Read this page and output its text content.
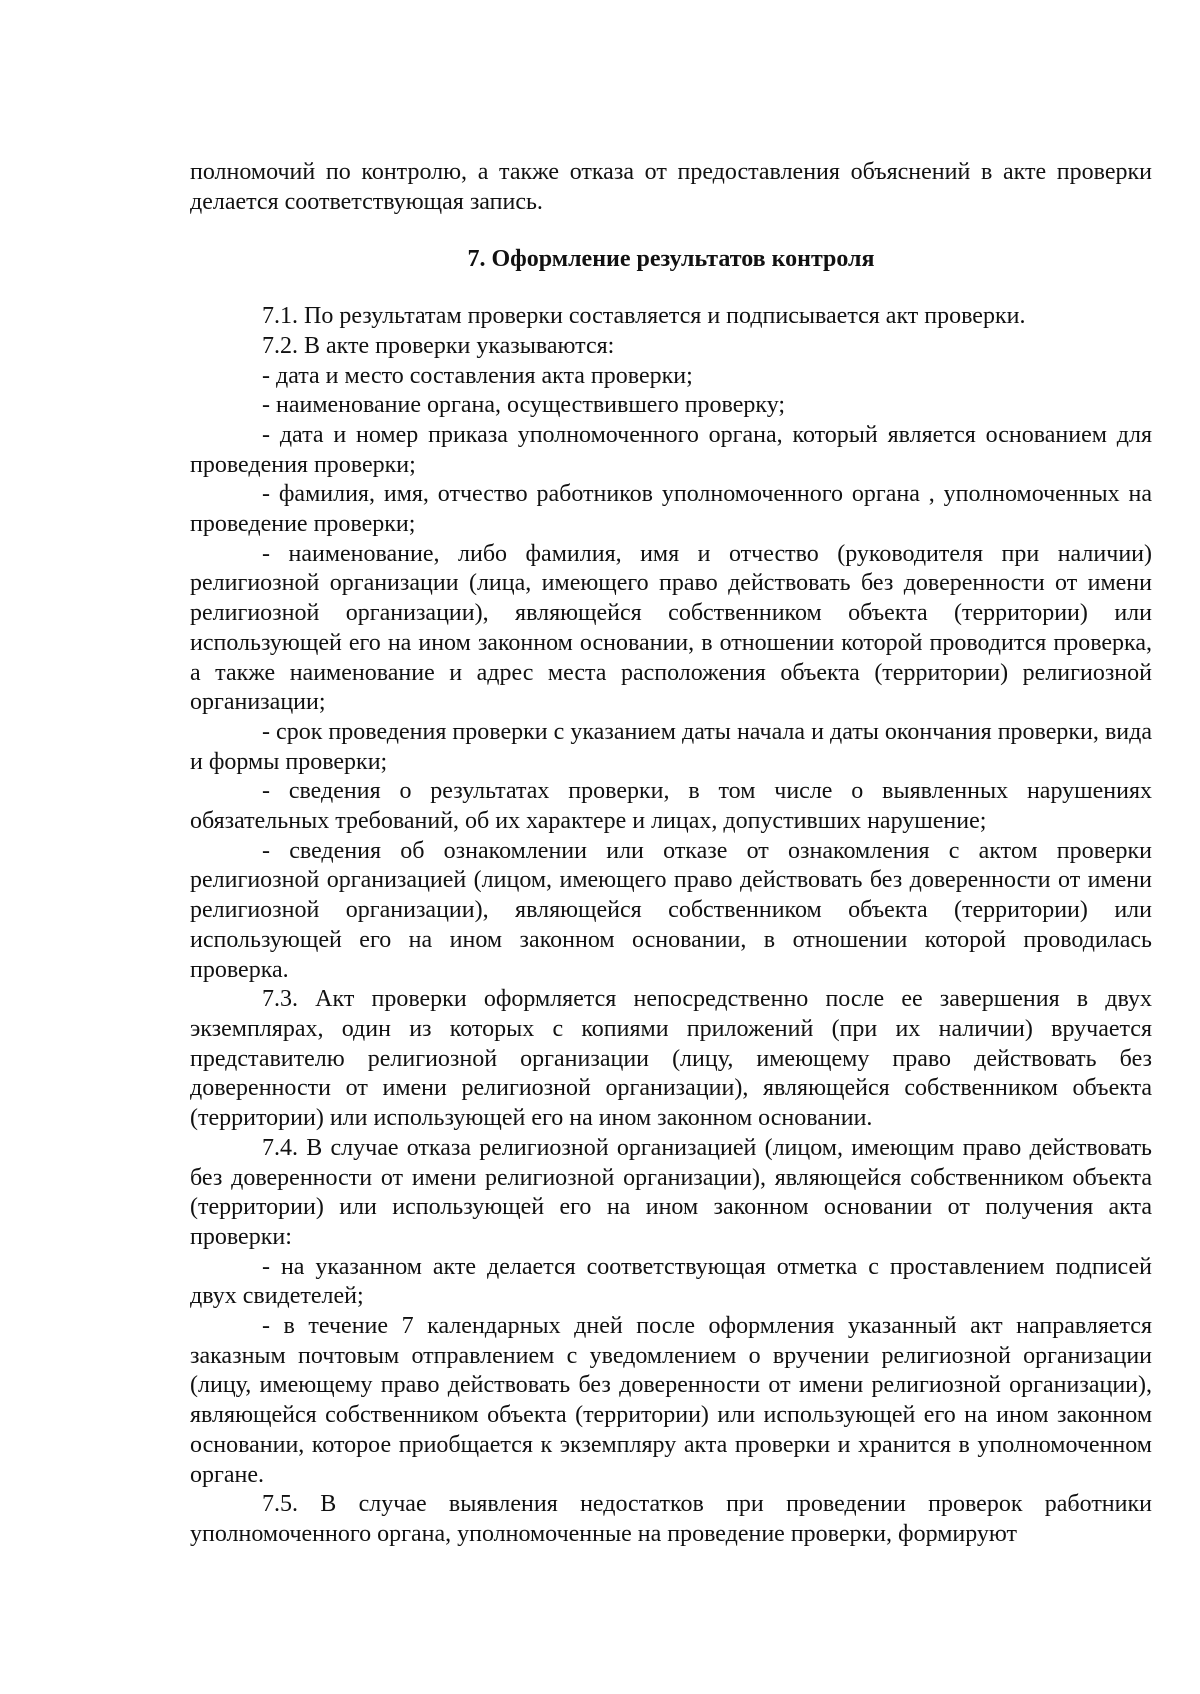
полномочий по контролю, а также отказа от предоставления объяснений в акте проверки делается соответствующая запись.

7. Оформление результатов контроля

7.1. По результатам проверки составляется и подписывается акт проверки.

7.2. В акте проверки указываются:

- дата и место составления акта проверки;

- наименование органа, осуществившего проверку;

- дата и номер приказа уполномоченного органа, который является основанием для проведения проверки;

- фамилия, имя, отчество работников уполномоченного органа , уполномоченных на проведение проверки;

- наименование, либо фамилия, имя и отчество (руководителя при наличии) религиозной организации (лица, имеющего право действовать без доверенности от имени религиозной организации), являющейся собственником объекта (территории) или использующей его на ином законном основании, в отношении которой проводится проверка, а также наименование и адрес места расположения объекта (территории) религиозной организации;

- срок проведения проверки с указанием даты начала и даты окончания проверки, вида и формы проверки;

- сведения о результатах проверки, в том числе о выявленных нарушениях обязательных требований, об их характере и лицах, допустивших нарушение;

- сведения об ознакомлении или отказе от ознакомления с актом проверки религиозной организацией (лицом, имеющего право действовать без доверенности от имени религиозной организации), являющейся собственником объекта (территории) или использующей его на ином законном основании, в отношении которой проводилась проверка.

7.3. Акт проверки оформляется непосредственно после ее завершения в двух экземплярах, один из которых с копиями приложений (при их наличии) вручается представителю религиозной организации (лицу, имеющему право действовать без доверенности от имени религиозной организации), являющейся собственником объекта (территории) или использующей его на ином законном основании.

7.4. В случае отказа религиозной организацией (лицом, имеющим право действовать без доверенности от имени религиозной организации), являющейся собственником объекта (территории) или использующей его на ином законном основании от получения акта проверки:

- на указанном акте делается соответствующая отметка с проставлением подписей двух свидетелей;

- в течение 7 календарных дней после оформления указанный акт направляется заказным почтовым отправлением с уведомлением о вручении религиозной организации (лицу, имеющему право действовать без доверенности от имени религиозной организации), являющейся собственником объекта (территории) или использующей его на ином законном основании, которое приобщается к экземпляру акта проверки и хранится в уполномоченном органе.

7.5. В случае выявления недостатков при проведении проверок работники уполномоченного органа, уполномоченные на проведение проверки, формируют
